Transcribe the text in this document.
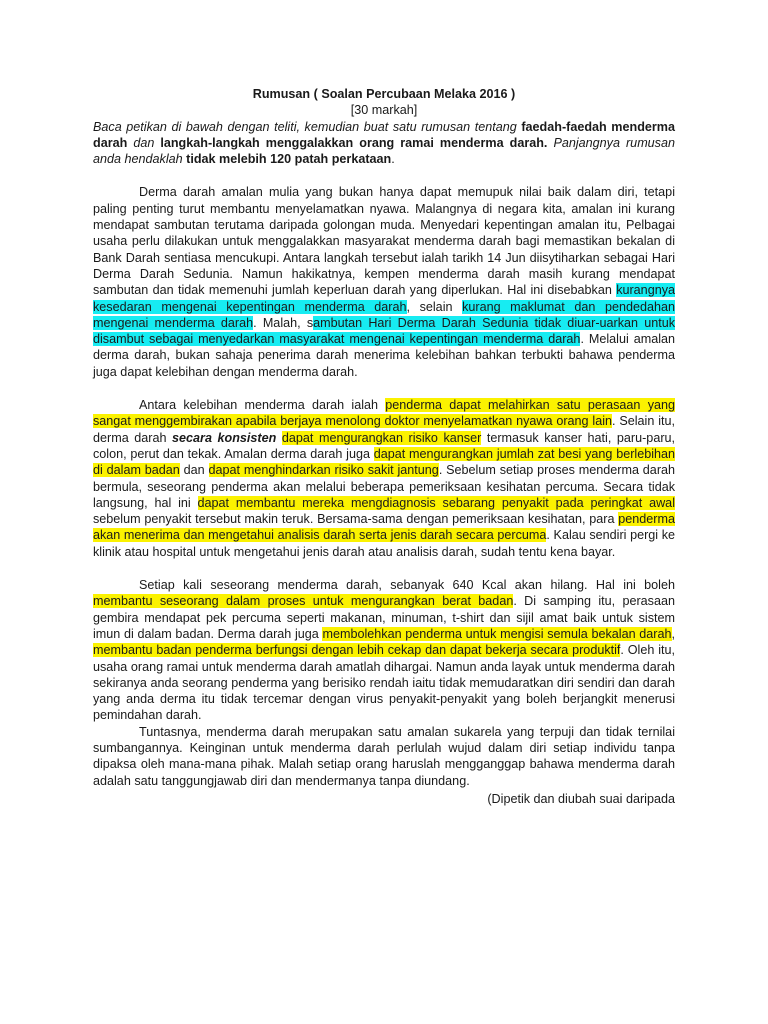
Rumusan ( Soalan Percubaan Melaka 2016 )

[30 markah]

Baca petikan di bawah dengan teliti, kemudian buat satu rumusan tentang faedah-faedah menderma darah dan langkah-langkah menggalakkan orang ramai menderma darah. Panjangnya rumusan anda hendaklah tidak melebih 120 patah perkataan.

Derma darah amalan mulia yang bukan hanya dapat memupuk nilai baik dalam diri, tetapi paling penting turut membantu menyelamatkan nyawa. Malangnya di negara kita, amalan ini kurang mendapat sambutan terutama daripada golongan muda. Menyedari kepentingan amalan itu, Pelbagai usaha perlu dilakukan untuk menggalakkan masyarakat menderma darah bagi memastikan bekalan di Bank Darah sentiasa mencukupi. Antara langkah tersebut ialah tarikh 14 Jun diisytiharkan sebagai Hari Derma Darah Sedunia. Namun hakikatnya, kempen menderma darah masih kurang mendapat sambutan dan tidak memenuhi jumlah keperluan darah yang diperlukan. Hal ini disebabkan kurangnya kesedaran mengenai kepentingan menderma darah, selain kurang maklumat dan pendedahan mengenai menderma darah. Malah, sambutan Hari Derma Darah Sedunia tidak diuar-uarkan untuk disambut sebagai menyedarkan masyarakat mengenai kepentingan menderma darah. Melalui amalan derma darah, bukan sahaja penerima darah menerima kelebihan bahkan terbukti bahawa penderma juga dapat kelebihan dengan menderma darah.

Antara kelebihan menderma darah ialah penderma dapat melahirkan satu perasaan yang sangat menggembirakan apabila berjaya menolong doktor menyelamatkan nyawa orang lain. Selain itu, derma darah secara konsisten dapat mengurangkan risiko kanser termasuk kanser hati, paru-paru, colon, perut dan tekak. Amalan derma darah juga dapat mengurangkan jumlah zat besi yang berlebihan di dalam badan dan dapat menghindarkan risiko sakit jantung. Sebelum setiap proses menderma darah bermula, seseorang penderma akan melalui beberapa pemeriksaan kesihatan percuma. Secara tidak langsung, hal ini dapat membantu mereka mengdiagnosis sebarang penyakit pada peringkat awal sebelum penyakit tersebut makin teruk. Bersama-sama dengan pemeriksaan kesihatan, para penderma akan menerima dan mengetahui analisis darah serta jenis darah secara percuma. Kalau sendiri pergi ke klinik atau hospital untuk mengetahui jenis darah atau analisis darah, sudah tentu kena bayar.

Setiap kali seseorang menderma darah, sebanyak 640 Kcal akan hilang. Hal ini boleh membantu seseorang dalam proses untuk mengurangkan berat badan. Di samping itu, perasaan gembira mendapat pek percuma seperti makanan, minuman, t-shirt dan sijil amat baik untuk sistem imun di dalam badan. Derma darah juga membolehkan penderma untuk mengisi semula bekalan darah, membantu badan penderma berfungsi dengan lebih cekap dan dapat bekerja secara produktif. Oleh itu, usaha orang ramai untuk menderma darah amatlah dihargai. Namun anda layak untuk menderma darah sekiranya anda seorang penderma yang berisiko rendah iaitu tidak memudaratkan diri sendiri dan darah yang anda derma itu tidak tercemar dengan virus penyakit-penyakit yang boleh berjangkit menerusi pemindahan darah.

Tuntasnya, menderma darah merupakan satu amalan sukarela yang terpuji dan tidak ternilai sumbangannya. Keinginan untuk menderma darah perlulah wujud dalam diri setiap individu tanpa dipaksa oleh mana-mana pihak. Malah setiap orang haruslah mengganggap bahawa menderma darah adalah satu tanggungjawab diri dan mendermanya tanpa diundang.

(Dipetik dan diubah suai daripada
